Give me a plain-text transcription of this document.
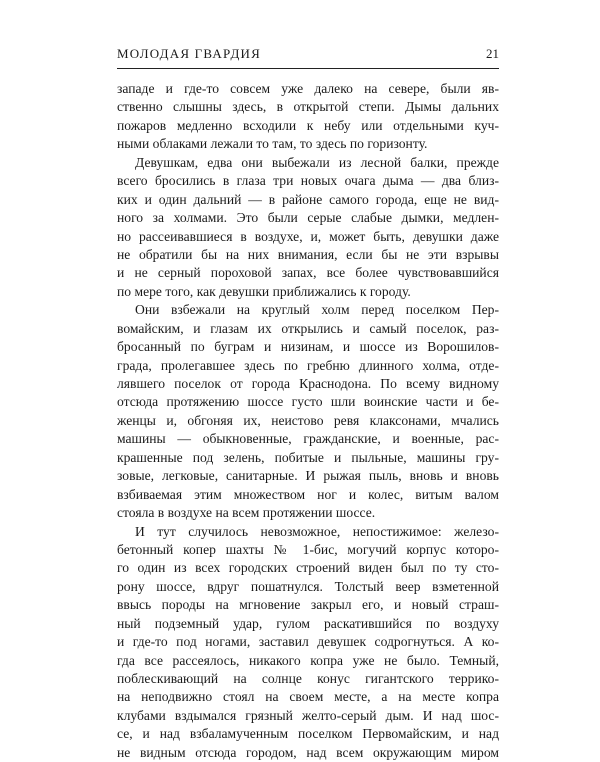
МОЛОДАЯ ГВАРДИЯ	21
западе и где-то совсем уже далеко на севере, были яв-
ственно слышны здесь, в открытой степи. Дымы дальних
пожаров медленно всходили к небу или отдельными куч-
ными облаками лежали то там, то здесь по горизонту.
Девушкам, едва они выбежали из лесной балки, прежде
всего бросились в глаза три новых очага дыма — два близ-
ких и один дальний — в районе самого города, еще не вид-
ного за холмами. Это были серые слабые дымки, медлен-
но рассеивавшиеся в воздухе, и, может быть, девушки даже
не обратили бы на них внимания, если бы не эти взрывы
и не серный пороховой запах, все более чувствовавшийся
по мере того, как девушки приближались к городу.
Они взбежали на круглый холм перед поселком Пер-
вомайским, и глазам их открылись и самый поселок, раз-
бросанный по буграм и низинам, и шоссе из Ворошилов-
града, пролегавшее здесь по гребню длинного холма, отде-
лявшего поселок от города Краснодона. По всему видному
отсюда протяжению шоссе густо шли воинские части и бе-
женцы и, обгоняя их, неистово ревя клаксонами, мчались
машины — обыкновенные, гражданские, и военные, рас-
крашенные под зелень, побитые и пыльные, машины гру-
зовые, легковые, санитарные. И рыжая пыль, вновь и вновь
взбиваемая этим множеством ног и колес, витым валом
стояла в воздухе на всем протяжении шоссе.
И тут случилось невозможное, непостижимое: железо-
бетонный копер шахты № 1-бис, могучий корпус которо-
го один из всех городских строений виден был по ту сто-
рону шоссе, вдруг пошатнулся. Толстый веер взметенной
ввысь породы на мгновение закрыл его, и новый страш-
ный подземный удар, гулом раскатившийся по воздуху
и где-то под ногами, заставил девушек содрогнуться. А ко-
гда все рассеялось, никакого копра уже не было. Темный,
поблескивающий на солнце конус гигантского террико-
на неподвижно стоял на своем месте, а на месте копра
клубами вздымался грязный желто-серый дым. И над шос-
се, и над взбаламученным поселком Первомайским, и над
не видным отсюда городом, над всем окружающим миром
